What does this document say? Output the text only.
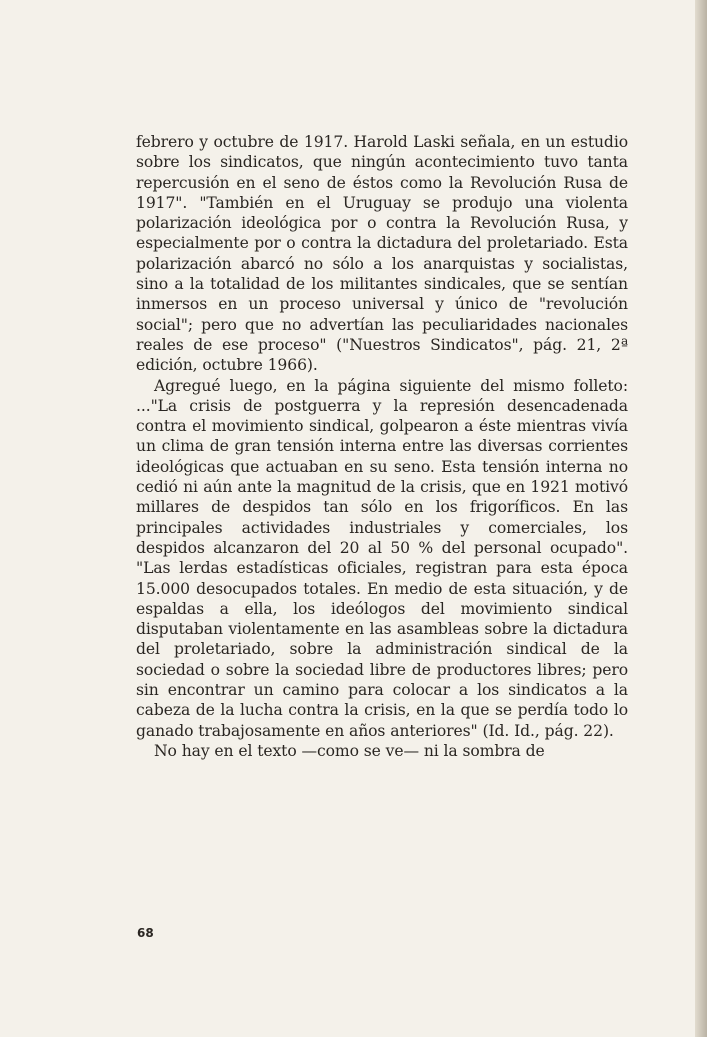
febrero y octubre de 1917. Harold Laski señala, en un estudio sobre los sindicatos, que ningún acontecimiento tuvo tanta repercusión en el seno de éstos como la Revolución Rusa de 1917". "También en el Uruguay se produjo una violenta polarización ideológica por o contra la Revolución Rusa, y especialmente por o contra la dictadura del proletariado. Esta polarización abarcó no sólo a los anarquistas y socialistas, sino a la totalidad de los militantes sindicales, que se sentían inmersos en un proceso universal y único de "revolución social"; pero que no advertían las peculiaridades nacionales reales de ese proceso" ("Nuestros Sindicatos", pág. 21, 2ª edición, octubre 1966).

Agregué luego, en la página siguiente del mismo folleto: ..."La crisis de postguerra y la represión desencadenada contra el movimiento sindical, golpearon a éste mientras vivía un clima de gran tensión interna entre las diversas corrientes ideológicas que actuaban en su seno. Esta tensión interna no cedió ni aún ante la magnitud de la crisis, que en 1921 motivó millares de despidos tan sólo en los frigoríficos. En las principales actividades industriales y comerciales, los despidos alcanzaron del 20 al 50 % del personal ocupado". "Las lerdas estadísticas oficiales, registran para esta época 15.000 desocupados totales. En medio de esta situación, y de espaldas a ella, los ideólogos del movimiento sindical disputaban violentamente en las asambleas sobre la dictadura del proletariado, sobre la administración sindical de la sociedad o sobre la sociedad libre de productores libres; pero sin encontrar un camino para colocar a los sindicatos a la cabeza de la lucha contra la crisis, en la que se perdía todo lo ganado trabajosamente en años anteriores" (Id. Id., pág. 22).

No hay en el texto —como se ve— ni la sombra de

68
